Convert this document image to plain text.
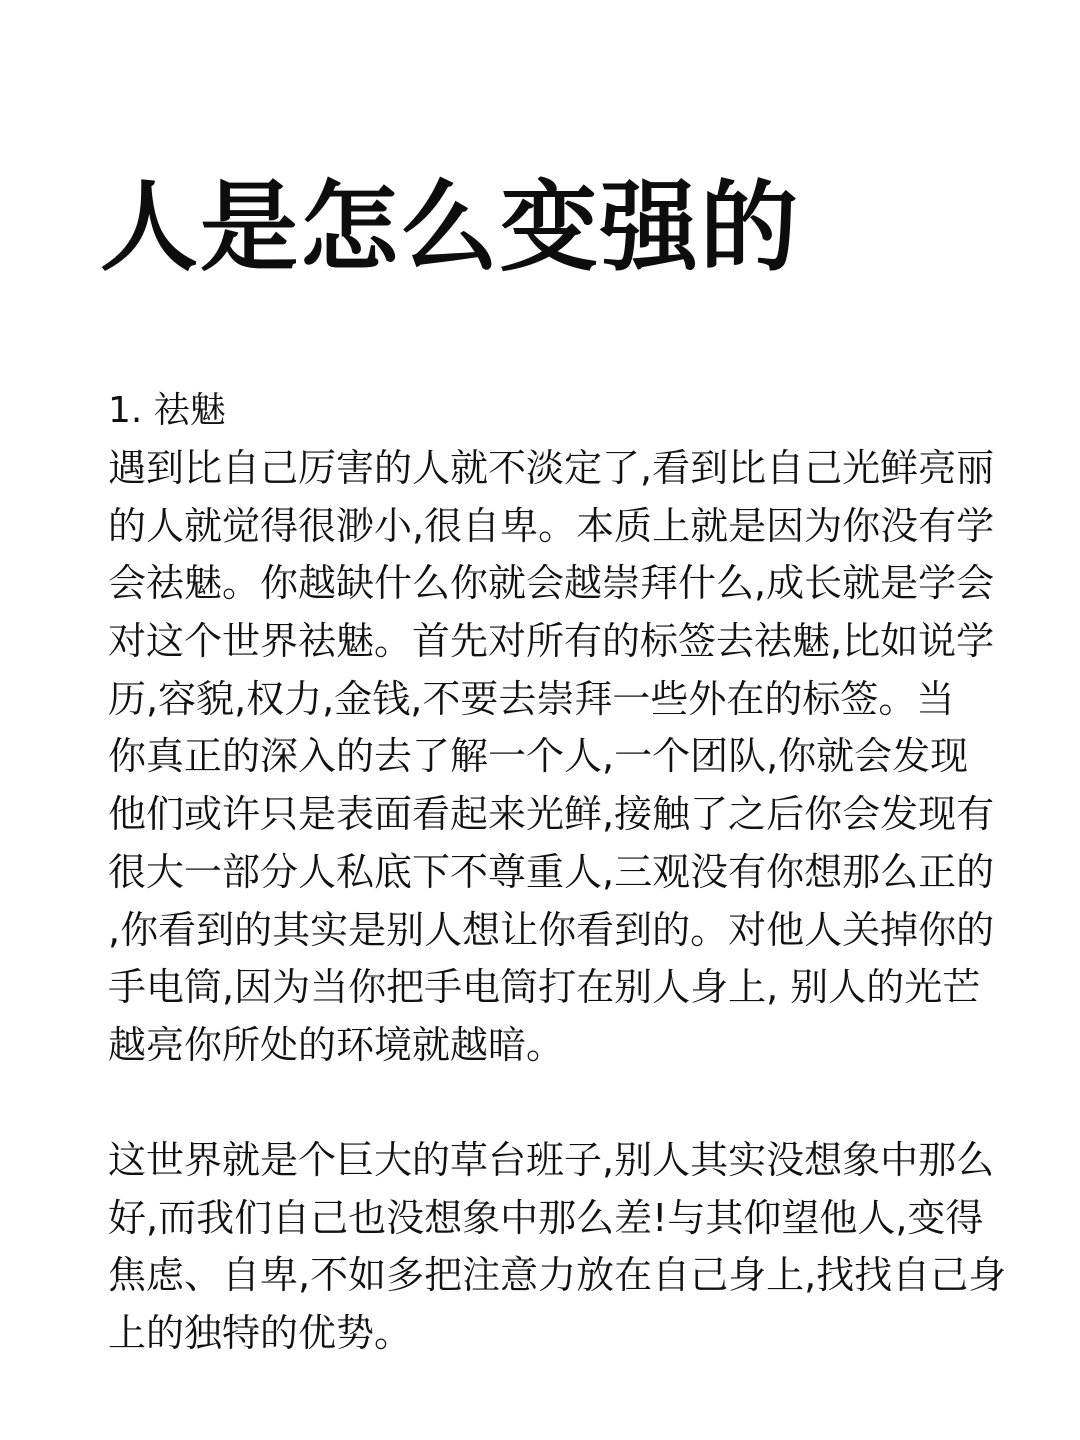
人是怎么变强的
1. 祛魅
遇到比自己厉害的人就不淡定了,看到比自己光鲜亮丽
的人就觉得很渺小,很自卑。本质上就是因为你没有学
会祛魅。你越缺什么你就会越崇拜什么,成长就是学会
对这个世界祛魅。首先对所有的标签去祛魅,比如说学
历,容貌,权力,金钱,不要去崇拜一些外在的标签。当
你真正的深入的去了解一个人,一个团队,你就会发现
他们或许只是表面看起来光鲜,接触了之后你会发现有
很大一部分人私底下不尊重人,三观没有你想那么正的
,你看到的其实是别人想让你看到的。对他人关掉你的
手电筒,因为当你把手电筒打在别人身上, 别人的光芒
越亮你所处的环境就越暗。
这世界就是个巨大的草台班子,别人其实没想象中那么
好,而我们自己也没想象中那么差!与其仰望他人,变得
焦虑、自卑,不如多把注意力放在自己身上,找找自己身
上的独特的优势。
